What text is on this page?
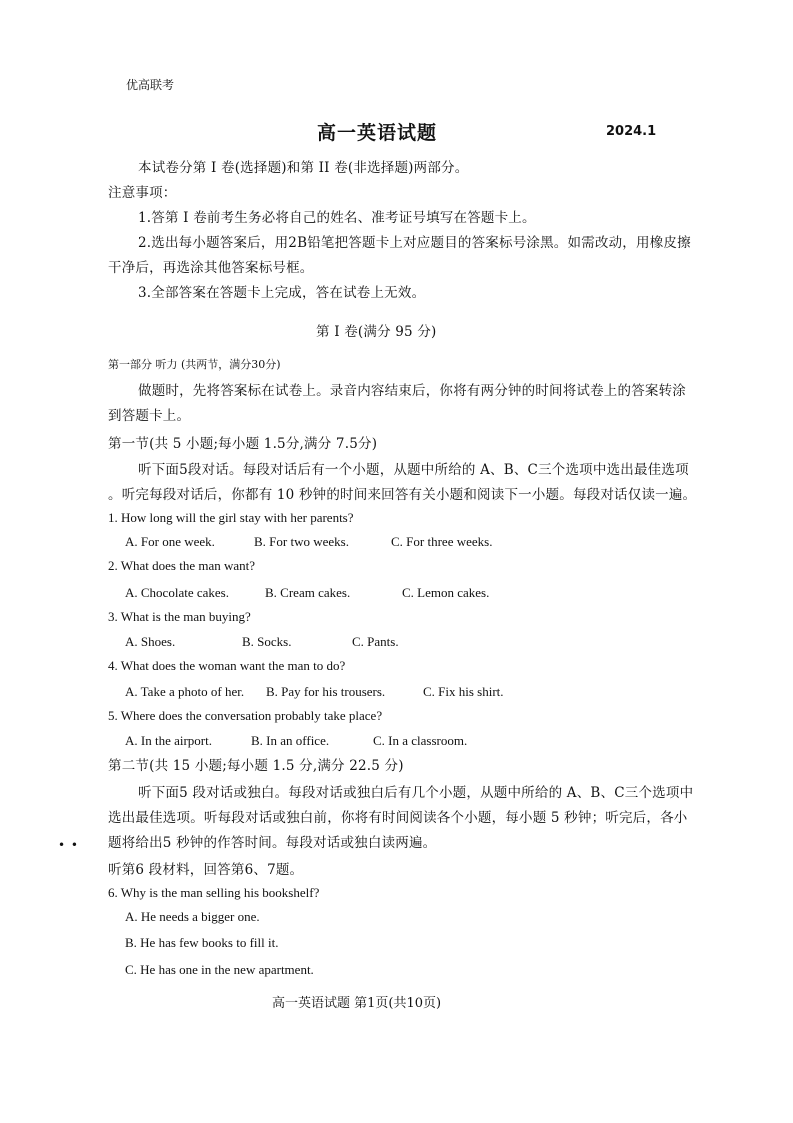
优高联考
高一英语试题	2024.1
本试卷分第 I 卷(选择题)和第 II 卷(非选择题)两部分。
注意事项：
1.答第 I 卷前考生务必将自己的姓名、准考证号填写在答题卡上。
2.选出每小题答案后，用2B铅笔把答题卡上对应题目的答案标号涂黑。如需改动，用橡皮擦
干净后，再选涂其他答案标号框。
3.全部答案在答题卡上完成，答在试卷上无效。
第 I 卷(满分 95 分)
第一部分 听力 (共两节，满分30分)
做题时，先将答案标在试卷上。录音内容结束后，你将有两分钟的时间将试卷上的答案转涂
到答题卡上。
第一节(共 5 小题;每小题 1.5分,满分 7.5分)
听下面5段对话。每段对话后有一个小题，从题中所给的 A、B、C三个选项中选出最佳选项
。听完每段对话后，你都有 10 秒钟的时间来回答有关小题和阅读下一小题。每段对话仅读一遍。
1. How long will the girl stay with her parents?
A. For one week.	B. For two weeks.	C. For three weeks.
2. What does the man want?
A. Chocolate cakes.	B. Cream cakes.	C. Lemon cakes.
3. What is the man buying?
A. Shoes.	B. Socks.	C. Pants.
4. What does the woman want the man to do?
A. Take a photo of her. B. Pay for his trousers.	C. Fix his shirt.
5. Where does the conversation probably take place?
A. In the airport.	B. In an office.	C. In a classroom.
第二节(共 15 小题;每小题 1.5 分,满分 22.5 分)
听下面5 段对话或独白。每段对话或独白后有几个小题，从题中所给的 A、B、C三个选项中
选出最佳选项。听每段对话或独白前，你将有时间阅读各个小题，每小题 5 秒钟；听完后，各小
题将给出5 秒钟的作答时间。每段对话或独白读两遍。
• •
听第6 段材料，回答第6、7题。
6. Why is the man selling his bookshelf?
A. He needs a bigger one.
B. He has few books to fill it.
C. He has one in the new apartment.
高一英语试题 第1页(共10页)
